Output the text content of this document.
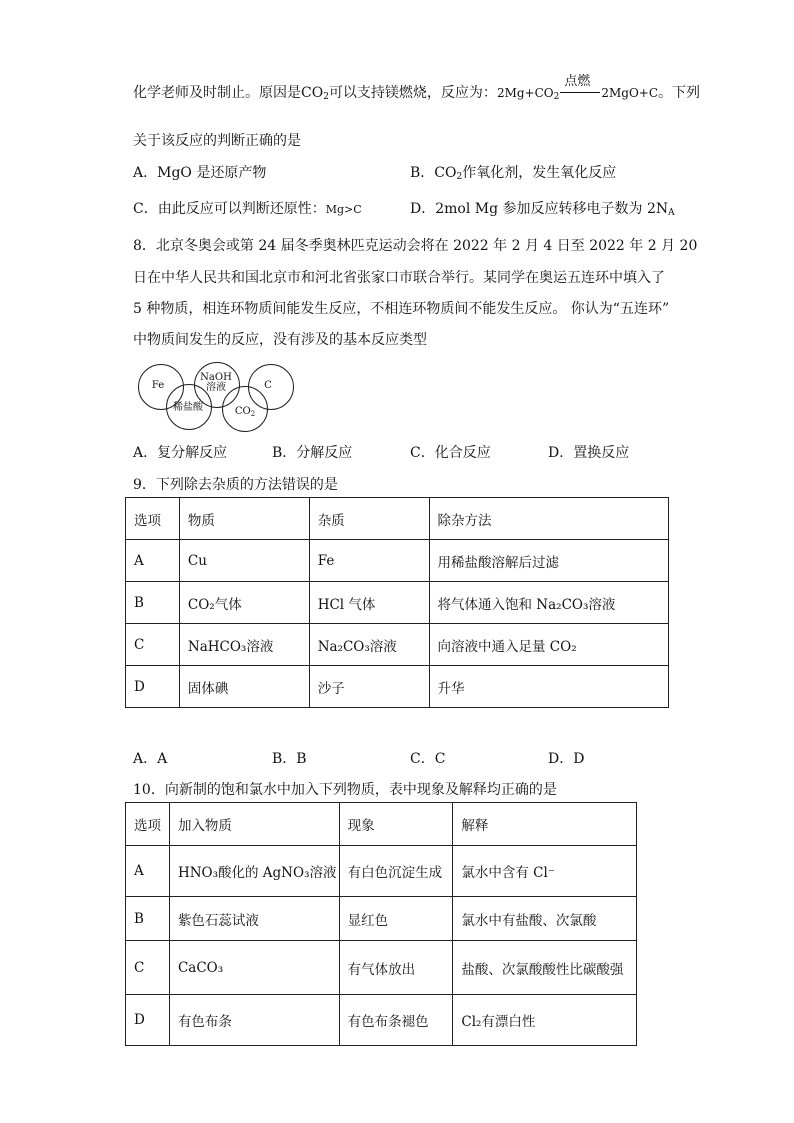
化学老师及时制止。原因是$CO_2$可以支持镁燃烧，反应为：$2Mg+CO_2$
点燃
2MgO+C。下列
关于该反应的判断正确的是
A．MgO 是还原产物	B．$CO_2$作氧化剂，发生氧化反应
C．由此反应可以判断还原性：Mg>C	D．2mol Mg 参加反应转移电子数为 $2N_A$
8．北京冬奥会或第 24 届冬季奥林匹克运动会将在 2022 年 2 月 4 日至 2022 年 2 月 20
日在中华人民共和国北京市和河北省张家口市联合举行。某同学在奥运五连环中填入了
5 种物质，相连环物质间能发生反应，不相连环物质间不能发生反应。 你认为“五连环”
中物质间发生的反应，没有涉及的基本反应类型
Fe
NaOH
溶液	C
稀盐酸	$CO_2$
A．复分解反应	B．分解反应	C．化合反应	D．置换反应
9．下列除去杂质的方法错误的是
选项	物质	杂质	除杂方法
A	Cu	Fe	用稀盐酸溶解后过滤
B	CO₂气体	HCl 气体	将气体通入饱和 Na₂CO₃溶液
C	NaHCO₃溶液	Na₂CO₃溶液	向溶液中通入足量 CO₂
D	固体碘	沙子	升华
A．A	B．B	C．C	D．D
10．向新制的饱和氯水中加入下列物质，表中现象及解释均正确的是
选项	加入物质	现象	解释
A	HNO₃酸化的 AgNO₃溶液	有白色沉淀生成	氯水中含有 Cl⁻
B	紫色石蕊试液	显红色	氯水中有盐酸、次氯酸
C	CaCO₃	有气体放出	盐酸、次氯酸酸性比碳酸强
D	有色布条	有色布条褪色	Cl₂有漂白性
